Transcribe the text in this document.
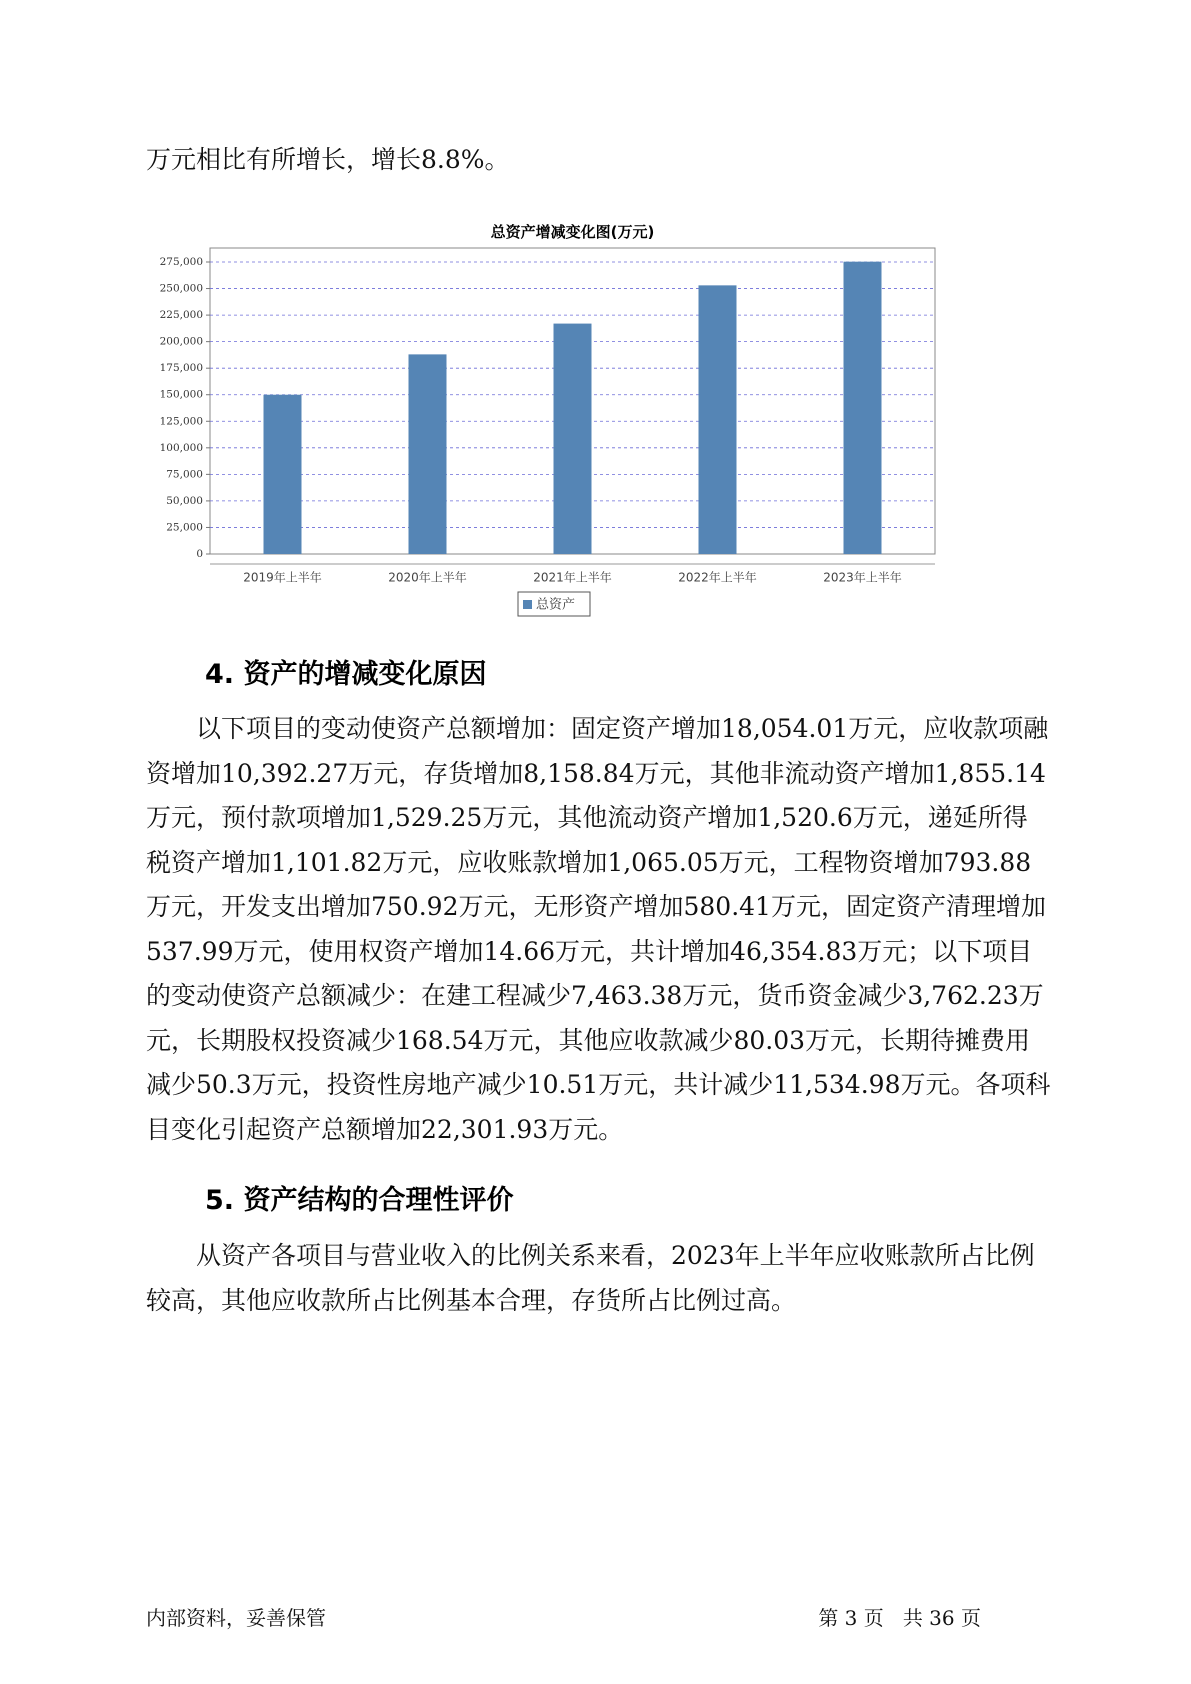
万元相比有所增长，增长8.8%。

总资产增减变化图(万元)
0
25,000
50,000
75,000
100,000
125,000
150,000
175,000
200,000
225,000
250,000
275,000
2019年上半年	2020年上半年	2021年上半年	2022年上半年	2023年上半年
总资产
4. 资产的增减变化原因

以下项目的变动使资产总额增加：固定资产增加18,054.01万元，应收款项融资增加10,392.27万元，存货增加8,158.84万元，其他非流动资产增加1,855.14万元，预付款项增加1,529.25万元，其他流动资产增加1,520.6万元，递延所得税资产增加1,101.82万元，应收账款增加1,065.05万元，工程物资增加793.88万元，开发支出增加750.92万元，无形资产增加580.41万元，固定资产清理增加537.99万元，使用权资产增加14.66万元，共计增加46,354.83万元；以下项目的变动使资产总额减少：在建工程减少7,463.38万元，货币资金减少3,762.23万元，长期股权投资减少168.54万元，其他应收款减少80.03万元，长期待摊费用减少50.3万元，投资性房地产减少10.51万元，共计减少11,534.98万元。各项科目变化引起资产总额增加22,301.93万元。

5. 资产结构的合理性评价

从资产各项目与营业收入的比例关系来看，2023年上半年应收账款所占比例较高，其他应收款所占比例基本合理，存货所占比例过高。

内部资料，妥善保管	第 3 页   共 36 页
